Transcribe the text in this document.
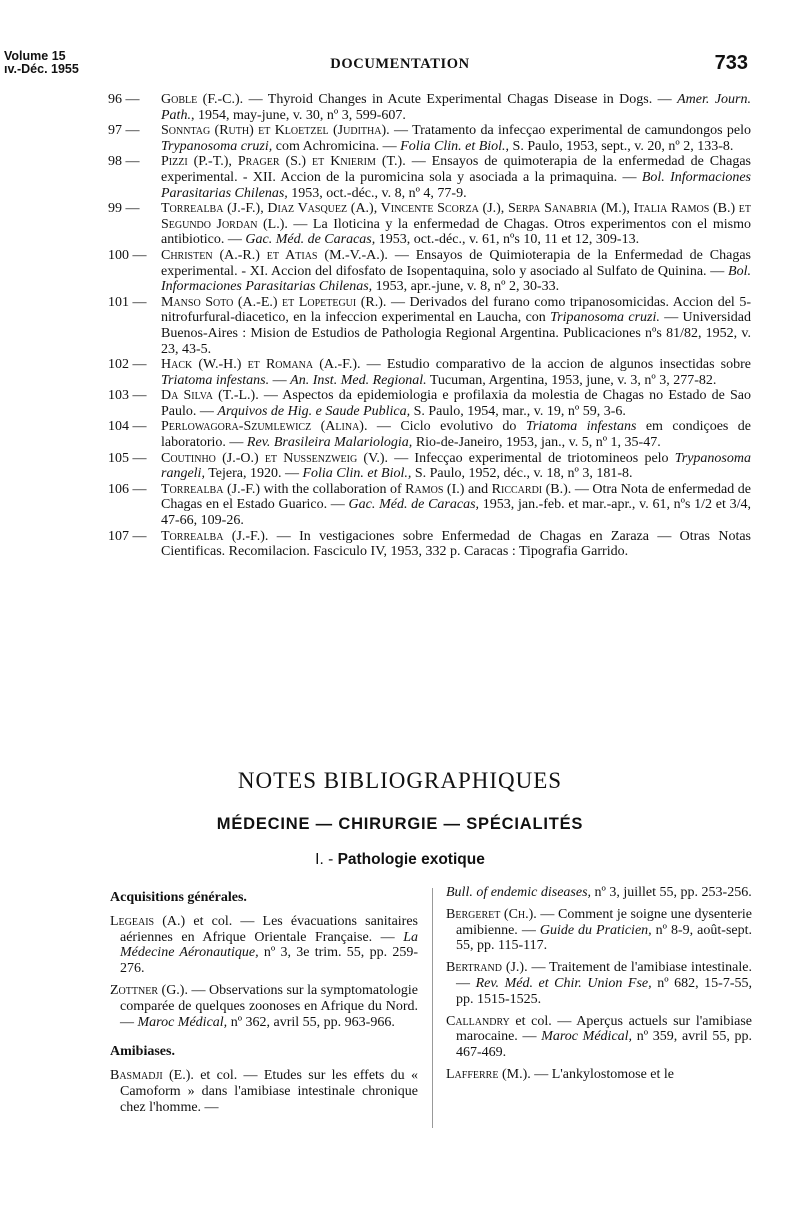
Volume 15
ıv.-Déc. 1955	DOCUMENTATION	733
96 —	Goble (F.-C.). — Thyroid Changes in Acute Experimental Chagas Disease in Dogs. — Amer. Journ. Path., 1954, may-june, v. 30, nº 3, 599-607.
97 —	Sonntag (Ruth) et Kloetzel (Juditha). — Tratamento da infecçao experimental de camundongos pelo Trypanosoma cruzi, com Achromicina. — Folia Clin. et Biol., S. Paulo, 1953, sept., v. 20, nº 2, 133-8.
98 —	Pizzi (P.-T.), Prager (S.) et Knierim (T.). — Ensayos de quimoterapia de la enfermedad de Chagas experimental. - XII. Accion de la puromicina sola y asociada a la primaquina. — Bol. Informaciones Parasitarias Chilenas, 1953, oct.-déc., v. 8, nº 4, 77-9.
99 —	Torrealba (J.-F.), Diaz Vasquez (A.), Vincente Scorza (J.), Serpa Sanabria (M.), Italia Ramos (B.) et Segundo Jordan (L.). — La Iloticina y la enfermedad de Chagas. Otros experimentos con el mismo antibiotico. — Gac. Méd. de Caracas, 1953, oct.-déc., v. 61, nºs 10, 11 et 12, 309-13.
100 —	Christen (A.-R.) et Atias (M.-V.-A.). — Ensayos de Quimioterapia de la Enfermedad de Chagas experimental. - XI. Accion del difosfato de Isopentaquina, solo y asociado al Sulfato de Quinina. — Bol. Informaciones Parasitarias Chilenas, 1953, apr.-june, v. 8, nº 2, 30-33.
101 —	Manso Soto (A.-E.) et Lopetegui (R.). — Derivados del furano como tripanosomicidas. Accion del 5-nitrofurfural-diacetico, en la infeccion experimental en Laucha, con Tripanosoma cruzi. — Universidad Buenos-Aires : Mision de Estudios de Pathologia Regional Argentina. Publicaciones nºs 81/82, 1952, v. 23, 43-5.
102 —	Hack (W.-H.) et Romana (A.-F.). — Estudio comparativo de la accion de algunos insectidas sobre Triatoma infestans. — An. Inst. Med. Regional. Tucuman, Argentina, 1953, june, v. 3, nº 3, 277-82.
103 —	Da Silva (T.-L.). — Aspectos da epidemiologia e profilaxia da molestia de Chagas no Estado de Sao Paulo. — Arquivos de Hig. e Saude Publica, S. Paulo, 1954, mar., v. 19, nº 59, 3-6.
104 —	Perlowagora-Szumlewicz (Alina). — Ciclo evolutivo do Triatoma infestans em condiçoes de laboratorio. — Rev. Brasileira Malariologia, Rio-de-Janeiro, 1953, jan., v. 5, nº 1, 35-47.
105 —	Coutinho (J.-O.) et Nussenzweig (V.). — Infecçao experimental de triotomineos pelo Trypanosoma rangeli, Tejera, 1920. — Folia Clin. et Biol., S. Paulo, 1952, déc., v. 18, nº 3, 181-8.
106 —	Torrealba (J.-F.) with the collaboration of Ramos (I.) and Riccardi (B.). — Otra Nota de enfermedad de Chagas en el Estado Guarico. — Gac. Méd. de Caracas, 1953, jan.-feb. et mar.-apr., v. 61, nºs 1/2 et 3/4, 47-66, 109-26.
107 —	Torrealba (J.-F.). — In vestigaciones sobre Enfermedad de Chagas en Zaraza — Otras Notas Cientificas. Recomilacion. Fasciculo IV, 1953, 332 p. Caracas : Tipografia Garrido.
NOTES BIBLIOGRAPHIQUES
MÉDECINE — CHIRURGIE — SPÉCIALITÉS
I. - Pathologie exotique
Acquisitions générales.
Legeais (A.) et col. — Les évacuations sanitaires aériennes en Afrique Orientale Française. — La Médecine Aéronautique, nº 3, 3e trim. 55, pp. 259-276.
Zottner (G.). — Observations sur la symptomatologie comparée de quelques zoonoses en Afrique du Nord. — Maroc Médical, nº 362, avril 55, pp. 963-966.
Amibiases.
Basmadji (E.). et col. — Etudes sur les effets du « Camoform » dans l'amibiase intestinale chronique chez l'homme. —
Bull. of endemic diseases, nº 3, juillet 55, pp. 253-256.
Bergeret (Ch.). — Comment je soigne une dysenterie amibienne. — Guide du Praticien, nº 8-9, août-sept. 55, pp. 115-117.
Bertrand (J.). — Traitement de l'amibiase intestinale. — Rev. Méd. et Chir. Union Fse, nº 682, 15-7-55, pp. 1515-1525.
Callandry et col. — Aperçus actuels sur l'amibiase marocaine. — Maroc Médical, nº 359, avril 55, pp. 467-469.
Lafferre (M.). — L'ankylostomose et le
